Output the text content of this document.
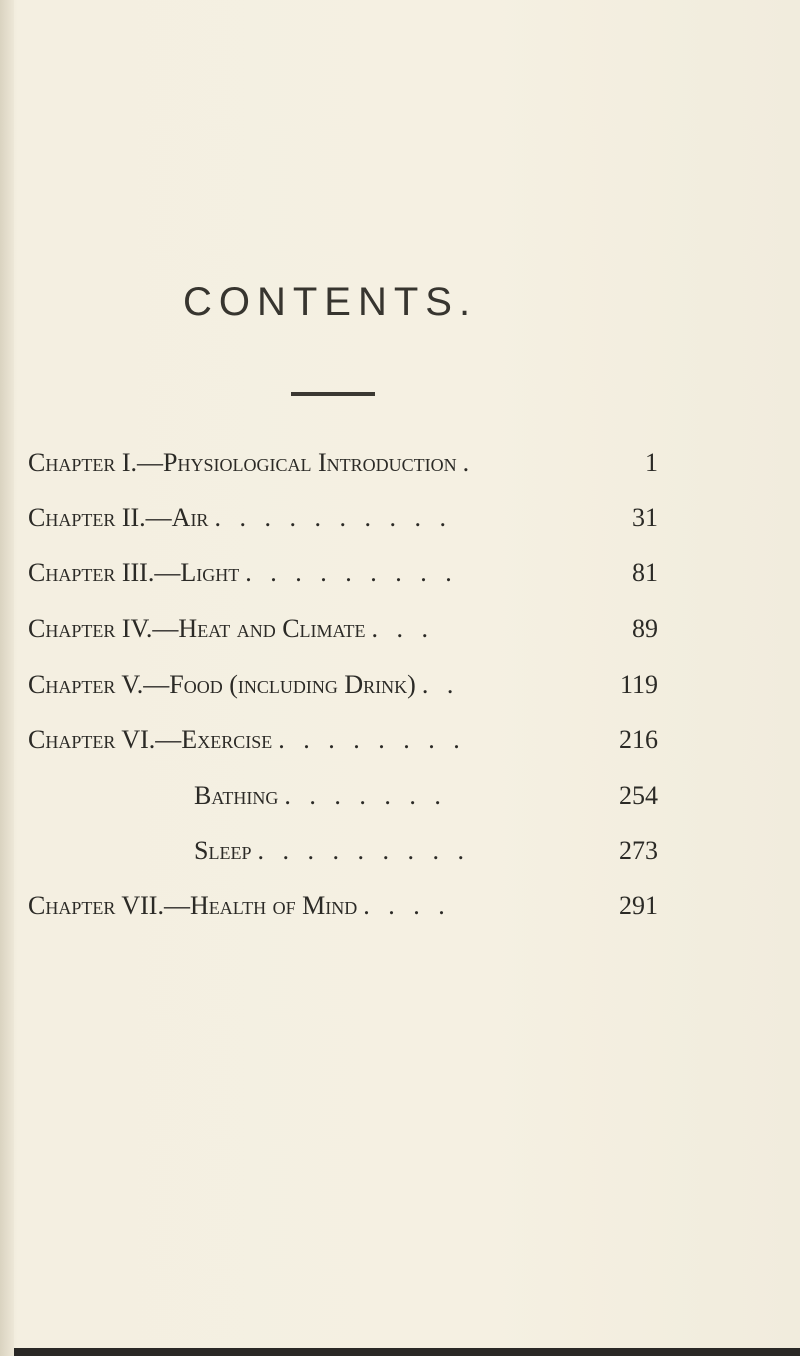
CONTENTS.
Chapter I.—Physiological Introduction .	1
Chapter II.—Air . . . . . . . . . .	31
Chapter III.—Light . . . . . . . . .	81
Chapter IV.—Heat and Climate . . .	89
Chapter V.—Food (including Drink) . .	119
Chapter VI.—Exercise . . . . . . . .	216
Bathing . . . . . . .	254
Sleep . . . . . . . . .	273
Chapter VII.—Health of Mind . . . .	291
